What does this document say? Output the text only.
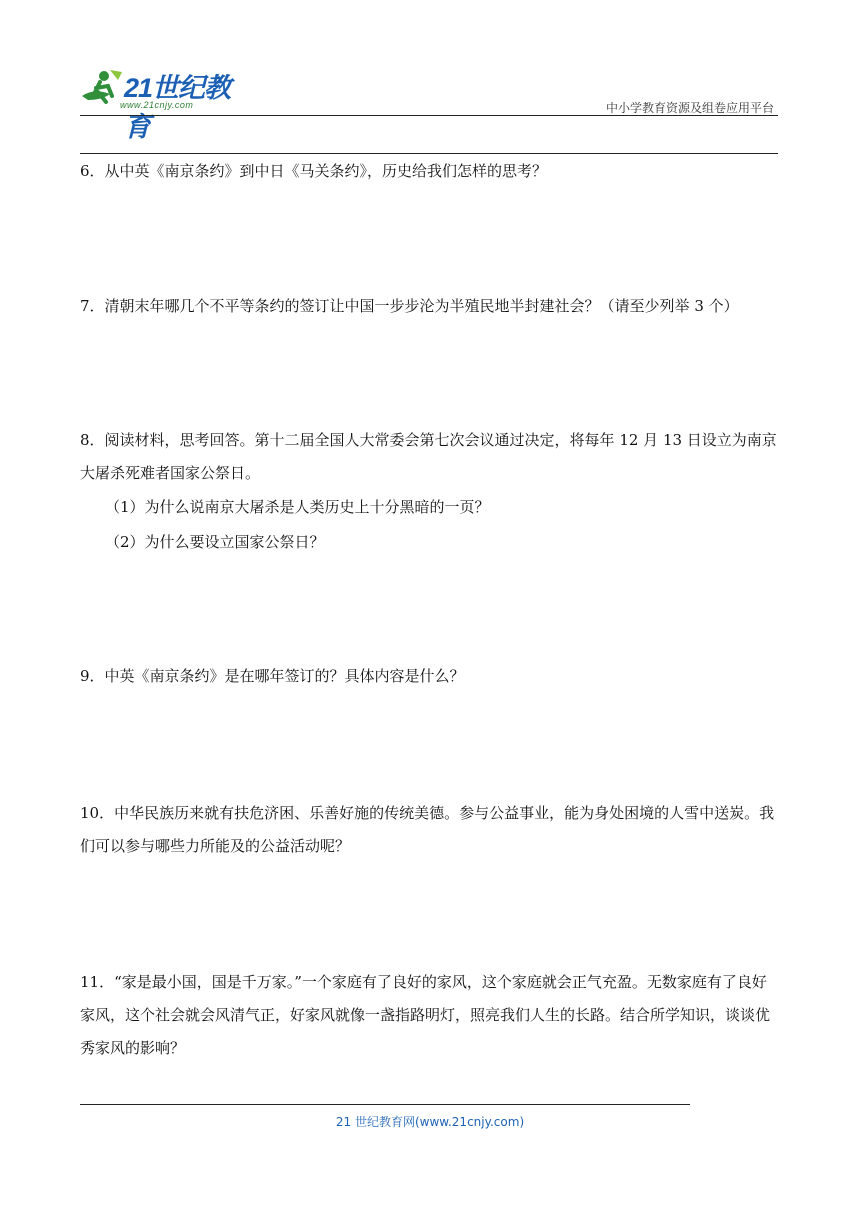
21世纪教育
www.21cnjy.com	中小学教育资源及组卷应用平台
6．从中英《南京条约》到中日《马关条约》，历史给我们怎样的思考？
7．清朝末年哪几个不平等条约的签订让中国一步步沦为半殖民地半封建社会？（请至少列举 3 个）
8．阅读材料，思考回答。第十二届全国人大常委会第七次会议通过决定，将每年 12 月 13 日设立为南京大屠杀死难者国家公祭日。
（1）为什么说南京大屠杀是人类历史上十分黑暗的一页？
（2）为什么要设立国家公祭日？
9．中英《南京条约》是在哪年签订的？具体内容是什么？
10．中华民族历来就有扶危济困、乐善好施的传统美德。参与公益事业，能为身处困境的人雪中送炭。我们可以参与哪些力所能及的公益活动呢？
11．“家是最小国，国是千万家。”一个家庭有了良好的家风，这个家庭就会正气充盈。无数家庭有了良好家风，这个社会就会风清气正，好家风就像一盏指路明灯，照亮我们人生的长路。结合所学知识，谈谈优秀家风的影响？
21 世纪教育网(www.21cnjy.com)
